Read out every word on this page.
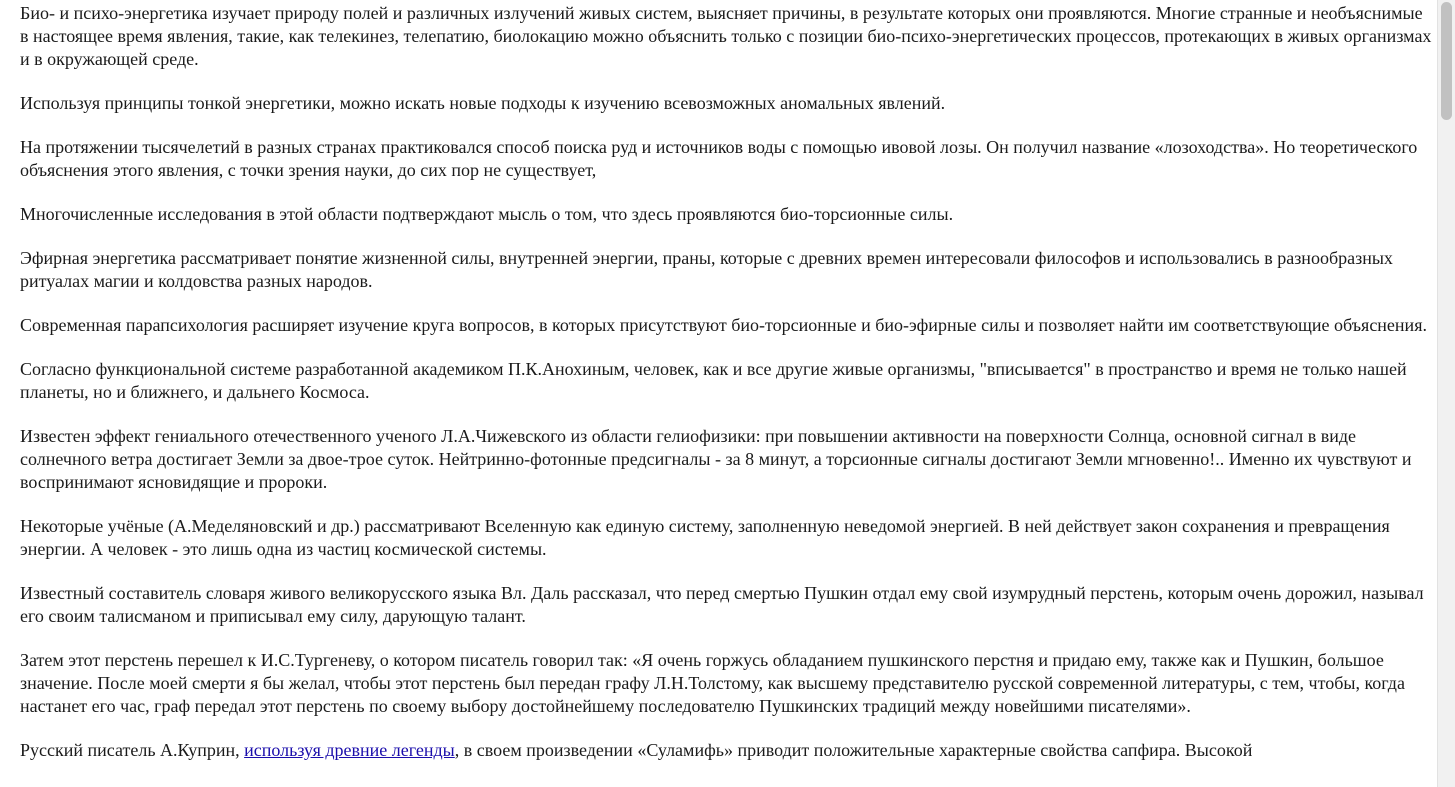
Био- и психо-энергетика изучает природу полей и различных излучений живых систем, выясняет причины, в результате которых они проявляются. Многие странные и необъяснимые в настоящее время явления, такие, как телекинез, телепатию, биолокацию можно объяснить только с позиции био-психо-энергетических процессов, протекающих в живых организмах и в окружающей среде.

Используя принципы тонкой энергетики, можно искать новые подходы к изучению всевозможных аномальных явлений.

На протяжении тысячелетий в разных странах практиковался способ поиска руд и источников воды с помощью ивовой лозы. Он получил название «лозоходства». Но теоретического объяснения этого явления, с точки зрения науки, до сих пор не существует,

Многочисленные исследования в этой области подтверждают мысль о том, что здесь проявляются био-торсионные силы.

Эфирная энергетика рассматривает понятие жизненной силы, внутренней энергии, праны, которые с древних времен интересовали философов и использовались в разнообразных ритуалах магии и колдовства разных народов.

Современная парапсихология расширяет изучение круга вопросов, в которых присутствуют био-торсионные и био-эфирные силы и позволяет найти им соответствующие объяснения.

Согласно функциональной системе разработанной академиком П.К.Анохиным, человек, как и все другие живые организмы, "вписывается" в пространство и время не только нашей планеты, но и ближнего, и дальнего Космоса.

Известен эффект гениального отечественного ученого Л.А.Чижевского из области гелиофизики: при повышении активности на поверхности Солнца, основной сигнал в виде солнечного ветра достигает Земли за двое-трое суток. Нейтринно-фотонные предсигналы - за 8 минут, а торсионные сигналы достигают Земли мгновенно!.. Именно их чувствуют и воспринимают ясновидящие и пророки.

Некоторые учёные (А.Меделяновский и др.) рассматривают Вселенную как единую систему, заполненную неведомой энергией. В ней действует закон сохранения и превращения энергии. А человек - это лишь одна из частиц космической системы.

Известный составитель словаря живого великорусского языка Вл. Даль рассказал, что перед смертью Пушкин отдал ему свой изумрудный перстень, которым очень дорожил, называл его своим талисманом и приписывал ему силу, дарующую талант.

Затем этот перстень перешел к И.С.Тургеневу, о котором писатель говорил так: «Я очень горжусь обладанием пушкинского перстня и придаю ему, также как и Пушкин, большое значение. После моей смерти я бы желал, чтобы этот перстень был передан графу Л.Н.Толстому, как высшему представителю русской современной литературы, с тем, чтобы, когда настанет его час, граф передал этот перстень по своему выбору достойнейшему последователю Пушкинских традиций между новейшими писателями».

Русский писатель А.Куприн, используя древние легенды, в своем произведении «Суламифь» приводит положительные характерные свойства сапфира. Высокой
